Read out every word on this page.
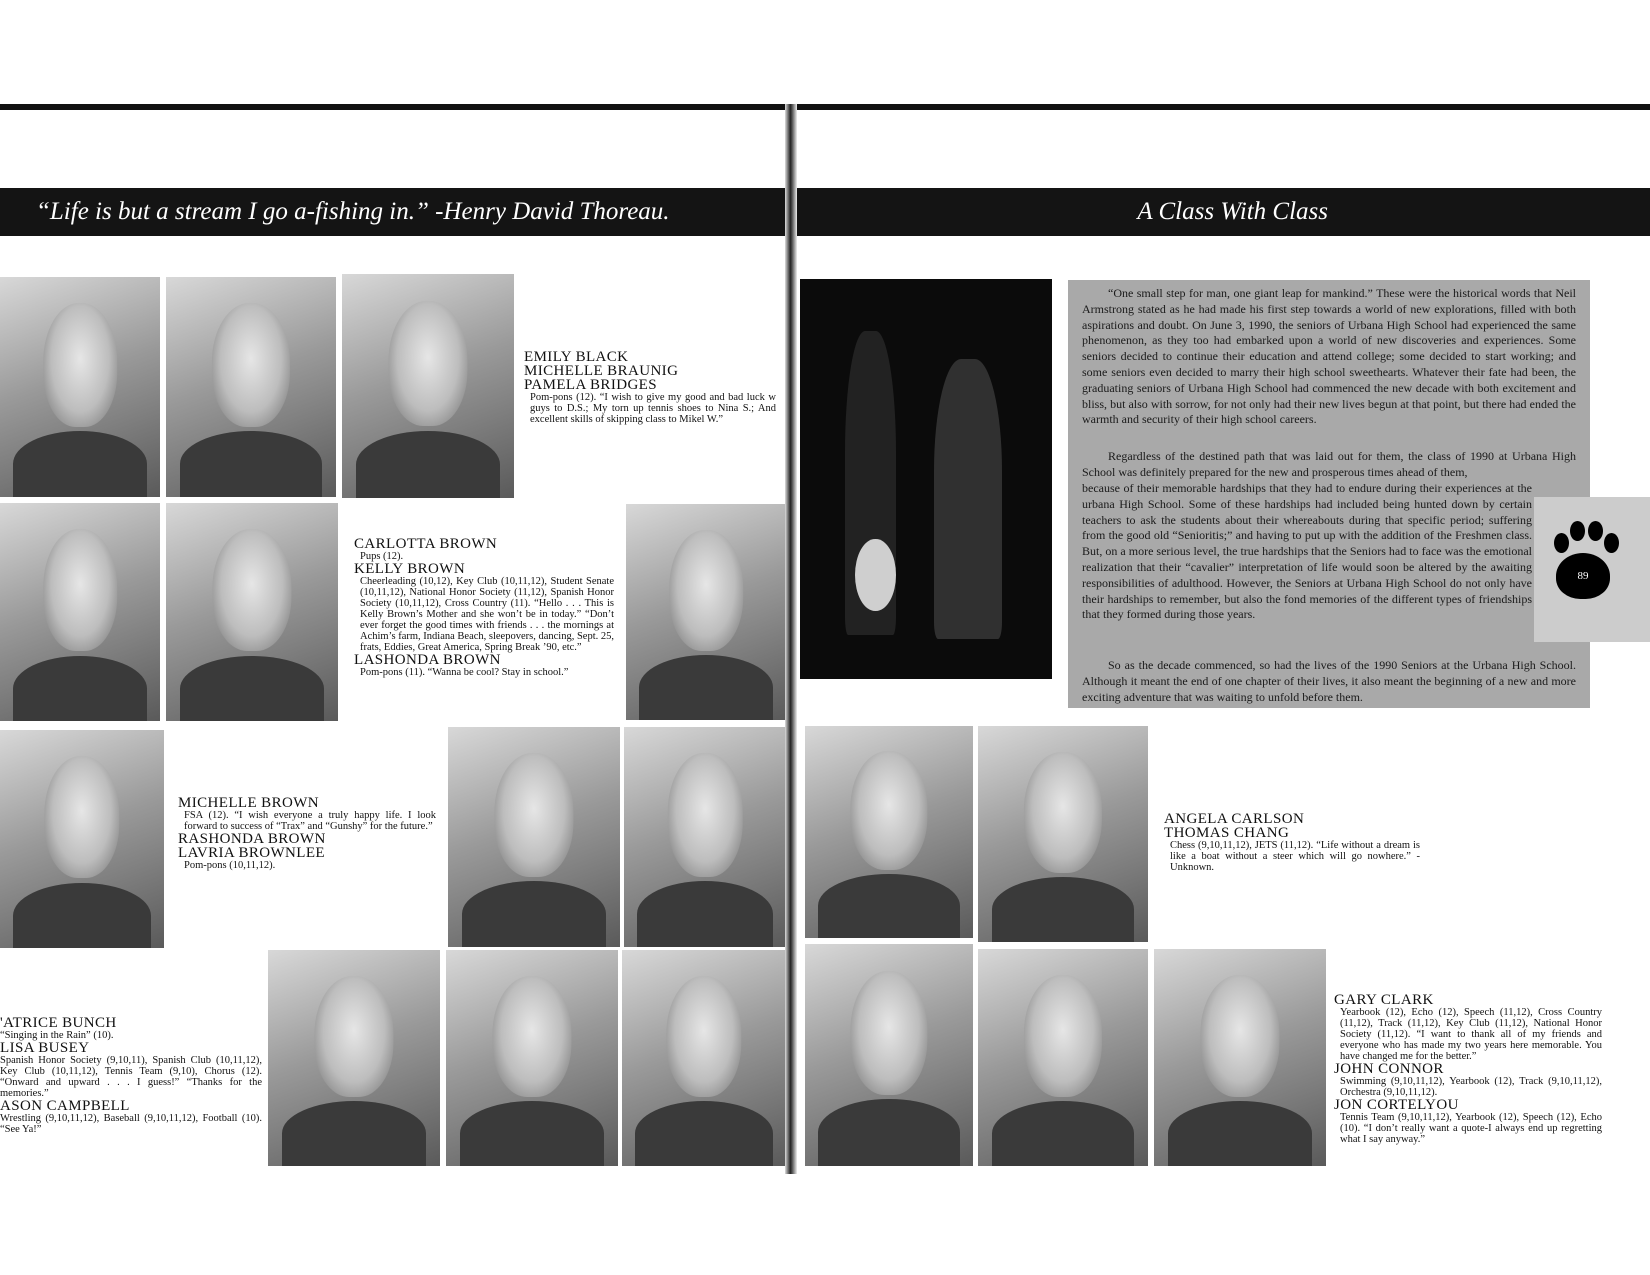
“Life is but a stream I go a-fishing in.” -Henry David Thoreau.	A Class With Class
EMILY BLACK
MICHELLE BRAUNIG
PAMELA BRIDGES
Pom-pons (12). “I wish to give my good and bad luck w guys to D.S.; My torn up tennis shoes to Nina S.; And excellent skills of skipping class to Mikel W.”
CARLOTTA BROWN
Pups (12).
KELLY BROWN
Cheerleading (10,12), Key Club (10,11,12), Student Senate (10,11,12), National Honor Society (11,12), Spanish Honor Society (10,11,12), Cross Country (11). “Hello . . . This is Kelly Brown’s Mother and she won’t be in today.” “Don’t ever forget the good times with friends . . . the mornings at Achim’s farm, Indiana Beach, sleepovers, dancing, Sept. 25, frats, Eddies, Great America, Spring Break ’90, etc.”
LASHONDA BROWN
Pom-pons (11). “Wanna be cool? Stay in school.”
MICHELLE BROWN
FSA (12). “I wish everyone a truly happy life. I look forward to success of “Trax” and “Gunshy” for the future.”
RASHONDA BROWN
LAVRIA BROWNLEE
Pom-pons (10,11,12).
'ATRICE BUNCH
“Singing in the Rain” (10).
LISA BUSEY
Spanish Honor Society (9,10,11), Spanish Club (10,11,12), Key Club (10,11,12), Tennis Team (9,10), Chorus (12). “Onward and upward . . . I guess!” “Thanks for the memories.”
ASON CAMPBELL
Wrestling (9,10,11,12), Baseball (9,10,11,12), Football (10). “See Ya!”

“One small step for man, one giant leap for mankind.” These were the historical words that Neil Armstrong stated as he had made his first step towards a world of new explorations, filled with both aspirations and doubt. On June 3, 1990, the seniors of Urbana High School had experienced the same phenomenon, as they too had embarked upon a world of new discoveries and experiences. Some seniors decided to continue their education and attend college; some decided to start working; and some seniors even decided to marry their high school sweethearts. Whatever their fate had been, the graduating seniors of Urbana High School had commenced the new decade with both excitement and bliss, but also with sorrow, for not only had their new lives begun at that point, but there had ended the warmth and security of their high school careers.

Regardless of the destined path that was laid out for them, the class of 1990 at Urbana High School was definitely prepared for the new and prosperous times ahead of them,

because of their memorable hardships that they had to endure during their experiences at the urbana High School. Some of these hardships had included being hunted down by certain teachers to ask the students about their whereabouts during that specific period; suffering from the good old “Senioritis;” and having to put up with the addition of the Freshmen class. But, on a more serious level, the true hardships that the Seniors had to face was the emotional realization that their “cavalier” interpretation of life would soon be altered by the awaiting responsibilities of adulthood. However, the Seniors at Urbana High School do not only have their hardships to remember, but also the fond memories of the different types of friendships that they formed during those years.

So as the decade commenced, so had the lives of the 1990 Seniors at the Urbana High School. Although it meant the end of one chapter of their lives, it also meant the beginning of a new and more exciting adventure that was waiting to unfold before them.

89
ANGELA CARLSON
THOMAS CHANG
Chess (9,10,11,12), JETS (11,12). “Life without a dream is like a boat without a steer which will go nowhere.” - Unknown.
GARY CLARK
Yearbook (12), Echo (12), Speech (11,12), Cross Country (11,12), Track (11,12), Key Club (11,12), National Honor Society (11,12). “I want to thank all of my friends and everyone who has made my two years here memorable. You have changed me for the better.”
JOHN CONNOR
Swimming (9,10,11,12), Yearbook (12), Track (9,10,11,12), Orchestra (9,10,11,12).
JON CORTELYOU
Tennis Team (9,10,11,12), Yearbook (12), Speech (12), Echo (10). “I don’t really want a quote-I always end up regretting what I say anyway.”
